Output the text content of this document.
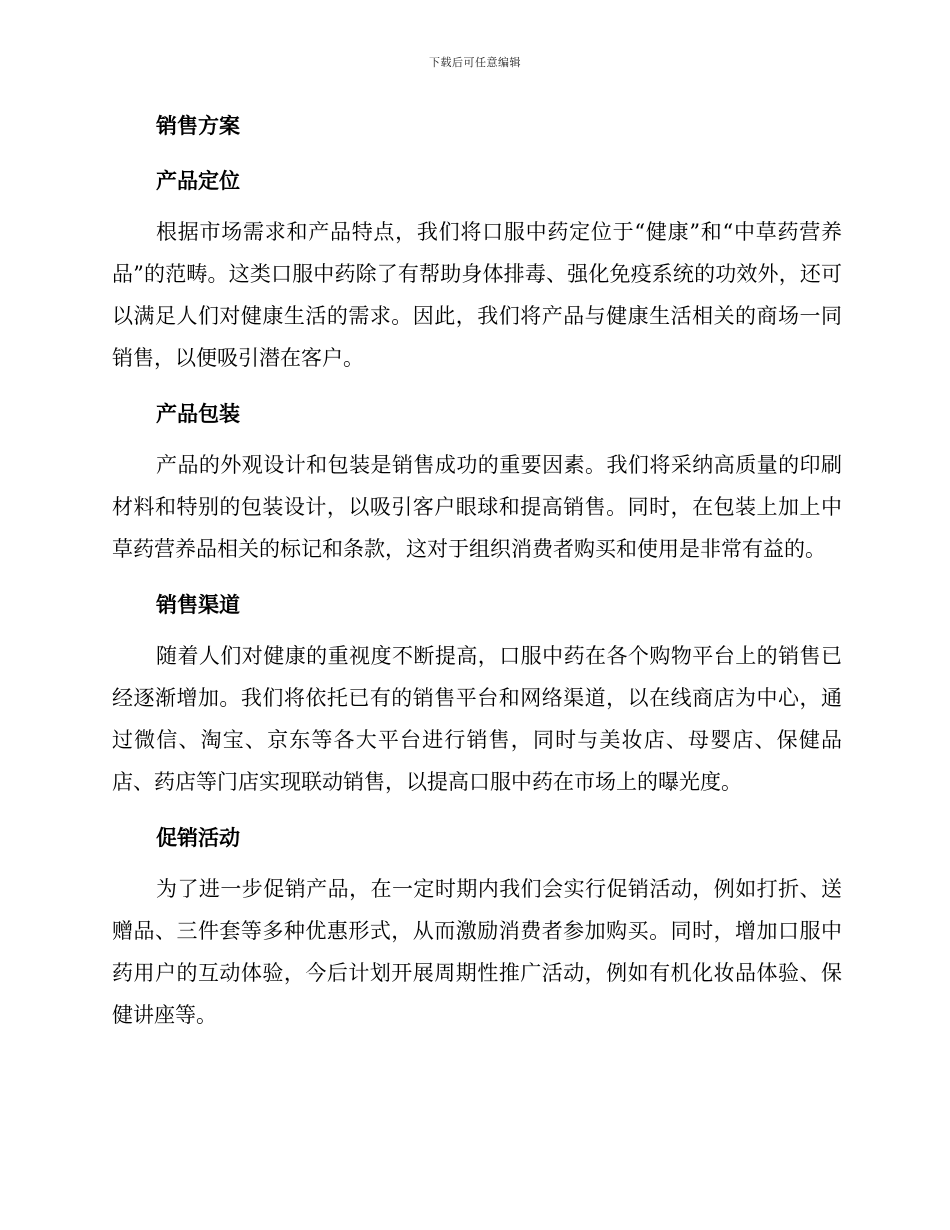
下载后可任意编辑
销售方案
产品定位

根据市场需求和产品特点，我们将口服中药定位于“健康”和“中草药营养品”的范畴。这类口服中药除了有帮助身体排毒、强化免疫系统的功效外，还可以满足人们对健康生活的需求。因此，我们将产品与健康生活相关的商场一同销售，以便吸引潜在客户。

产品包装

产品的外观设计和包装是销售成功的重要因素。我们将采纳高质量的印刷材料和特别的包装设计，以吸引客户眼球和提高销售。同时，在包装上加上中草药营养品相关的标记和条款，这对于组织消费者购买和使用是非常有益的。

销售渠道

随着人们对健康的重视度不断提高，口服中药在各个购物平台上的销售已经逐渐增加。我们将依托已有的销售平台和网络渠道，以在线商店为中心，通过微信、淘宝、京东等各大平台进行销售，同时与美妆店、母婴店、保健品店、药店等门店实现联动销售，以提高口服中药在市场上的曝光度。

促销活动

为了进一步促销产品，在一定时期内我们会实行促销活动，例如打折、送赠品、三件套等多种优惠形式，从而激励消费者参加购买。同时，增加口服中药用户的互动体验，今后计划开展周期性推广活动，例如有机化妆品体验、保健讲座等。
